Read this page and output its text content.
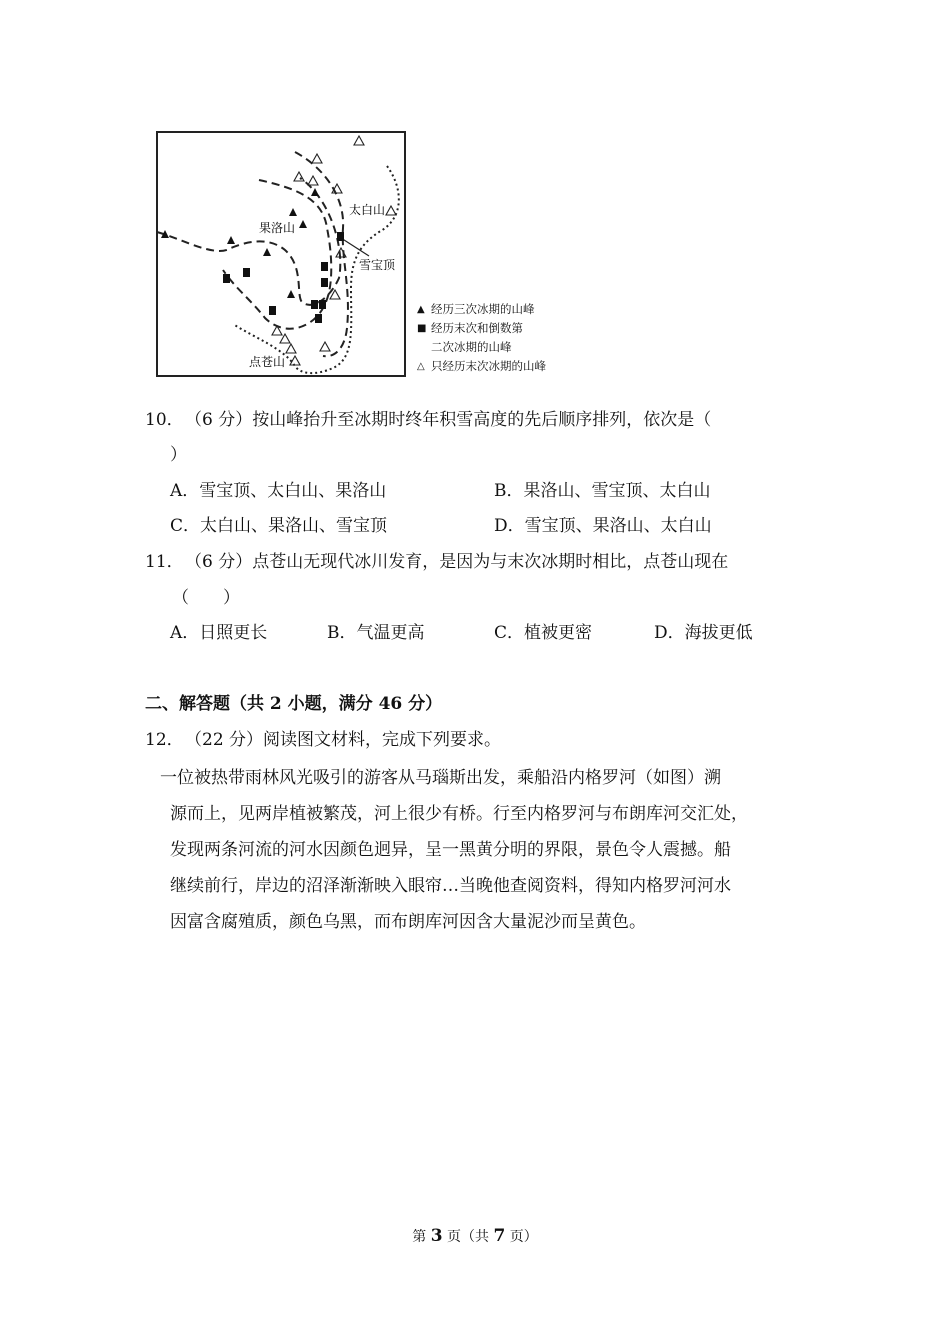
果洛山
太白山
雪宝顶
点苍山
▲ 经历三次冰期的山峰
■ 经历末次和倒数第
二次冰期的山峰
△ 只经历末次冰期的山峰
10． （6 分）按山峰抬升至冰期时终年积雪高度的先后顺序排列，依次是（
）
A．雪宝顶、太白山、果洛山	B．果洛山、雪宝顶、太白山
C．太白山、果洛山、雪宝顶	D．雪宝顶、果洛山、太白山
11． （6 分）点苍山无现代冰川发育，是因为与末次冰期时相比，点苍山现在
（　　）
A．日照更长	B．气温更高	C．植被更密	D．海拔更低
二、解答题（共 2 小题，满分 46 分）
12． （22 分）阅读图文材料，完成下列要求。
一位被热带雨林风光吸引的游客从马瑙斯出发，乘船沿内格罗河（如图）溯
源而上，见两岸植被繁茂，河上很少有桥。行至内格罗河与布朗库河交汇处，
发现两条河流的河水因颜色迥异，呈一黑黄分明的界限，景色令人震撼。船
继续前行，岸边的沼泽渐渐映入眼帘…当晚他查阅资料，得知内格罗河河水
因富含腐殖质，颜色乌黑，而布朗库河因含大量泥沙而呈黄色。
第 3 页（共 7 页）
